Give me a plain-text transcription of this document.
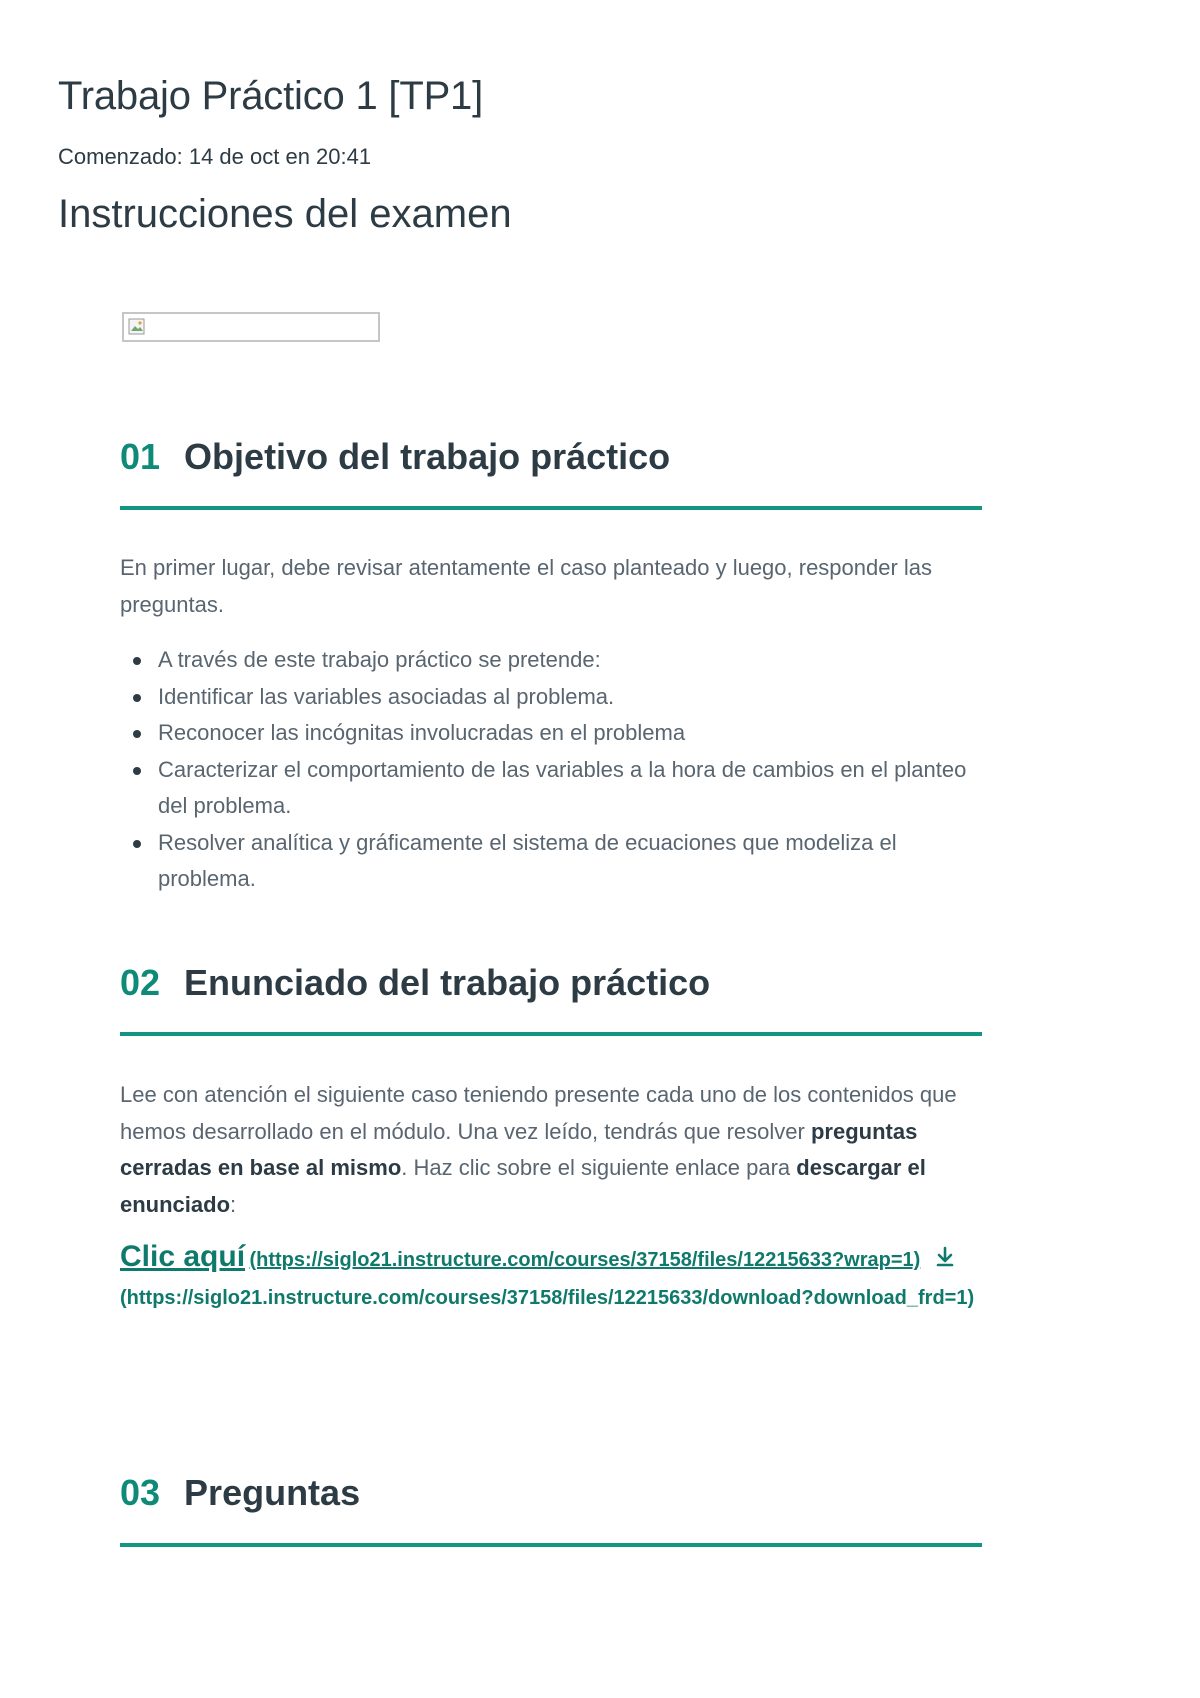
Trabajo Práctico 1 [TP1]

Comenzado: 14 de oct en 20:41

Instrucciones del examen
01 Objetivo del trabajo práctico

En primer lugar, debe revisar atentamente el caso planteado y luego, responder las preguntas.

A través de este trabajo práctico se pretende:
Identificar las variables asociadas al problema.
Reconocer las incógnitas involucradas en el problema
Caracterizar el comportamiento de las variables a la hora de cambios en el planteo del problema.
Resolver analítica y gráficamente el sistema de ecuaciones que modeliza el problema.
02 Enunciado del trabajo práctico

Lee con atención el siguiente caso teniendo presente cada uno de los contenidos que hemos desarrollado en el módulo. Una vez leído, tendrás que resolver preguntas cerradas en base al mismo. Haz clic sobre el siguiente enlace para descargar el enunciado:

Clic aquí (https://siglo21.instructure.com/courses/37158/files/12215633?wrap=1)
(https://siglo21.instructure.com/courses/37158/files/12215633/download?download_frd=1)
03 Preguntas
